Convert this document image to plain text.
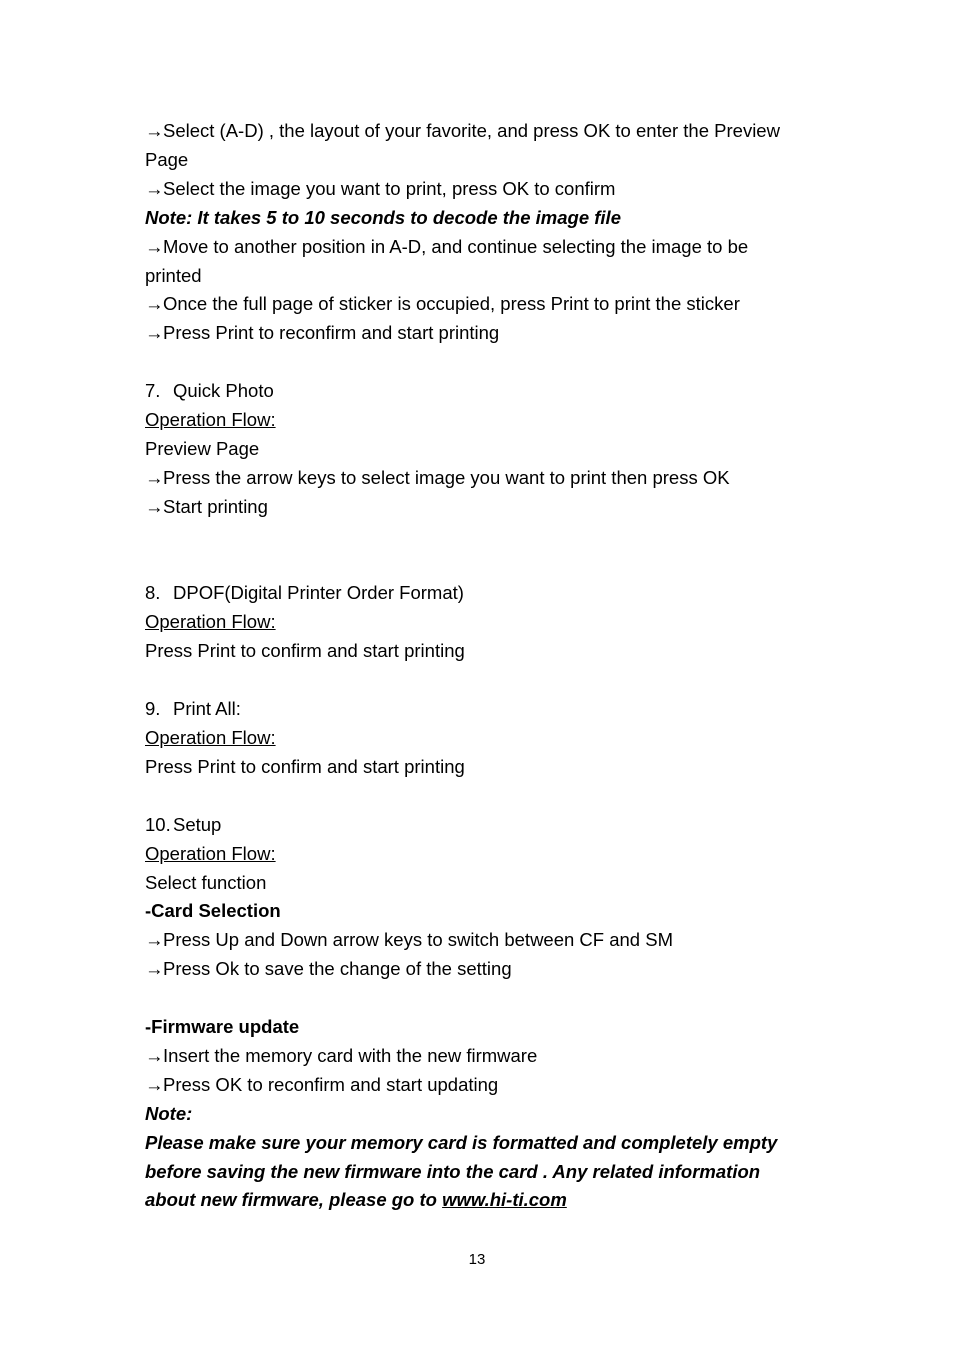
→Select (A-D) , the layout of your favorite, and press OK to enter the Preview
Page
→Select the image you want to print, press OK to confirm
Note: It takes 5 to 10 seconds to decode the image file
→Move to another position in A-D, and continue selecting the image to be
printed
→Once the full page of sticker is occupied, press Print to print the sticker
→Press Print to reconfirm and start printing
7. Quick Photo
Operation Flow:
Preview Page
→Press the arrow keys to select image you want to print then press OK
→Start printing
8. DPOF(Digital Printer Order Format)
Operation Flow:
Press Print to confirm and start printing
9. Print All:
Operation Flow:
Press Print to confirm and start printing
10. Setup
Operation Flow:
Select function
-Card Selection
→Press Up and Down arrow keys to switch between CF and SM
→Press Ok to save the change of the setting
-Firmware update
→Insert the memory card with the new firmware
→Press OK to reconfirm and start updating
Note:
Please make sure your memory card is formatted and completely empty
before saving the new firmware into the card . Any related information
about new firmware, please go to www.hi-ti.com
13
